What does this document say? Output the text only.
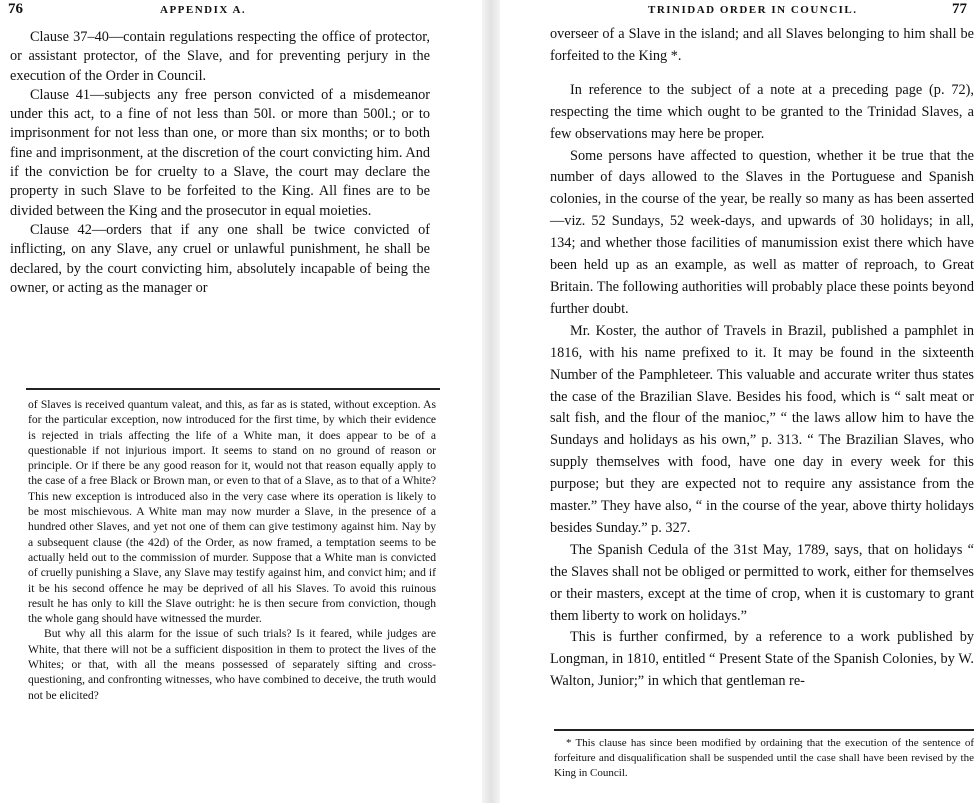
76	APPENDIX A.

Clause 37–40—contain regulations respecting the office of protector, or assistant protector, of the Slave, and for preventing perjury in the execution of the Order in Council.

Clause 41—subjects any free person convicted of a misdemeanor under this act, to a fine of not less than 50l. or more than 500l.; or to imprisonment for not less than one, or more than six months; or to both fine and imprisonment, at the discretion of the court convicting him. And if the conviction be for cruelty to a Slave, the court may declare the property in such Slave to be forfeited to the King. All fines are to be divided between the King and the prosecutor in equal moieties.

Clause 42—orders that if any one shall be twice convicted of inflicting, on any Slave, any cruel or unlawful punishment, he shall be declared, by the court convicting him, absolutely incapable of being the owner, or acting as the manager or

of Slaves is received quantum valeat, and this, as far as is stated, without exception. As for the particular exception, now introduced for the first time, by which their evidence is rejected in trials affecting the life of a White man, it does appear to be of a questionable if not injurious import. It seems to stand on no ground of reason or principle. Or if there be any good reason for it, would not that reason equally apply to the case of a free Black or Brown man, or even to that of a Slave, as to that of a White? This new exception is introduced also in the very case where its operation is likely to be most mischievous. A White man may now murder a Slave, in the presence of a hundred other Slaves, and yet not one of them can give testimony against him. Nay by a subsequent clause (the 42d) of the Order, as now framed, a temptation seems to be actually held out to the commission of murder. Suppose that a White man is convicted of cruelly punishing a Slave, any Slave may testify against him, and convict him; and if it be his second offence he may be deprived of all his Slaves. To avoid this ruinous result he has only to kill the Slave outright: he is then secure from conviction, though the whole gang should have witnessed the murder.

But why all this alarm for the issue of such trials? Is it feared, while judges are White, that there will not be a sufficient disposition in them to protect the lives of the Whites; or that, with all the means possessed of separately sifting and cross-questioning, and confronting witnesses, who have combined to deceive, the truth would not be elicited?

TRINIDAD ORDER IN COUNCIL.	77

overseer of a Slave in the island; and all Slaves belonging to him shall be forfeited to the King *.

In reference to the subject of a note at a preceding page (p. 72), respecting the time which ought to be granted to the Trinidad Slaves, a few observations may here be proper.

Some persons have affected to question, whether it be true that the number of days allowed to the Slaves in the Portuguese and Spanish colonies, in the course of the year, be really so many as has been asserted—viz. 52 Sundays, 52 week-days, and upwards of 30 holidays; in all, 134; and whether those facilities of manumission exist there which have been held up as an example, as well as matter of reproach, to Great Britain. The following authorities will probably place these points beyond further doubt.

Mr. Koster, the author of Travels in Brazil, published a pamphlet in 1816, with his name prefixed to it. It may be found in the sixteenth Number of the Pamphleteer. This valuable and accurate writer thus states the case of the Brazilian Slave. Besides his food, which is “ salt meat or salt fish, and the flour of the manioc,” “ the laws allow him to have the Sundays and holidays as his own,” p. 313. “ The Brazilian Slaves, who supply themselves with food, have one day in every week for this purpose; but they are expected not to require any assistance from the master.” They have also, “ in the course of the year, above thirty holidays besides Sunday.” p. 327.

The Spanish Cedula of the 31st May, 1789, says, that on holidays “ the Slaves shall not be obliged or permitted to work, either for themselves or their masters, except at the time of crop, when it is customary to grant them liberty to work on holidays.”

This is further confirmed, by a reference to a work published by Longman, in 1810, entitled “ Present State of the Spanish Colonies, by W. Walton, Junior;” in which that gentleman re-

* This clause has since been modified by ordaining that the execution of the sentence of forfeiture and disqualification shall be suspended until the case shall have been revised by the King in Council.
